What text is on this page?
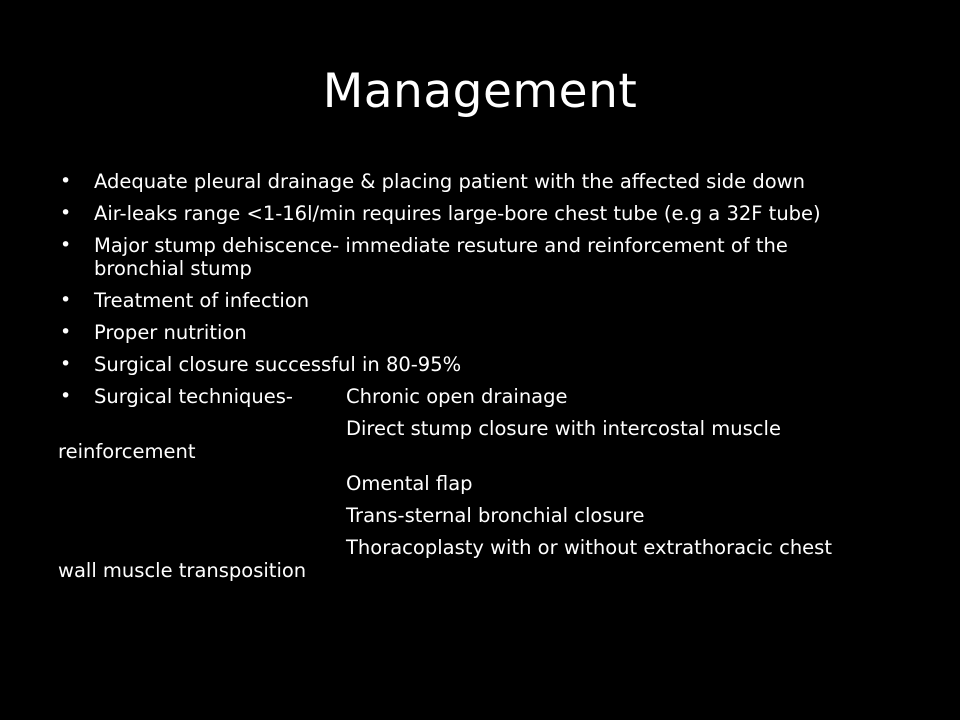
Management
• Adequate pleural drainage & placing patient with the affected side down
• Air-leaks range <1-16l/min requires large-bore chest tube (e.g a 32F tube)
• Major stump dehiscence- immediate resuture and reinforcement of the
bronchial stump
• Treatment of infection
• Proper nutrition
• Surgical closure successful in 80-95%
• Surgical techniques-	Chronic open drainage
Direct stump closure with intercostal muscle
reinforcement
Omental flap
Trans-sternal bronchial closure
Thoracoplasty with or without extrathoracic chest
wall muscle transposition
